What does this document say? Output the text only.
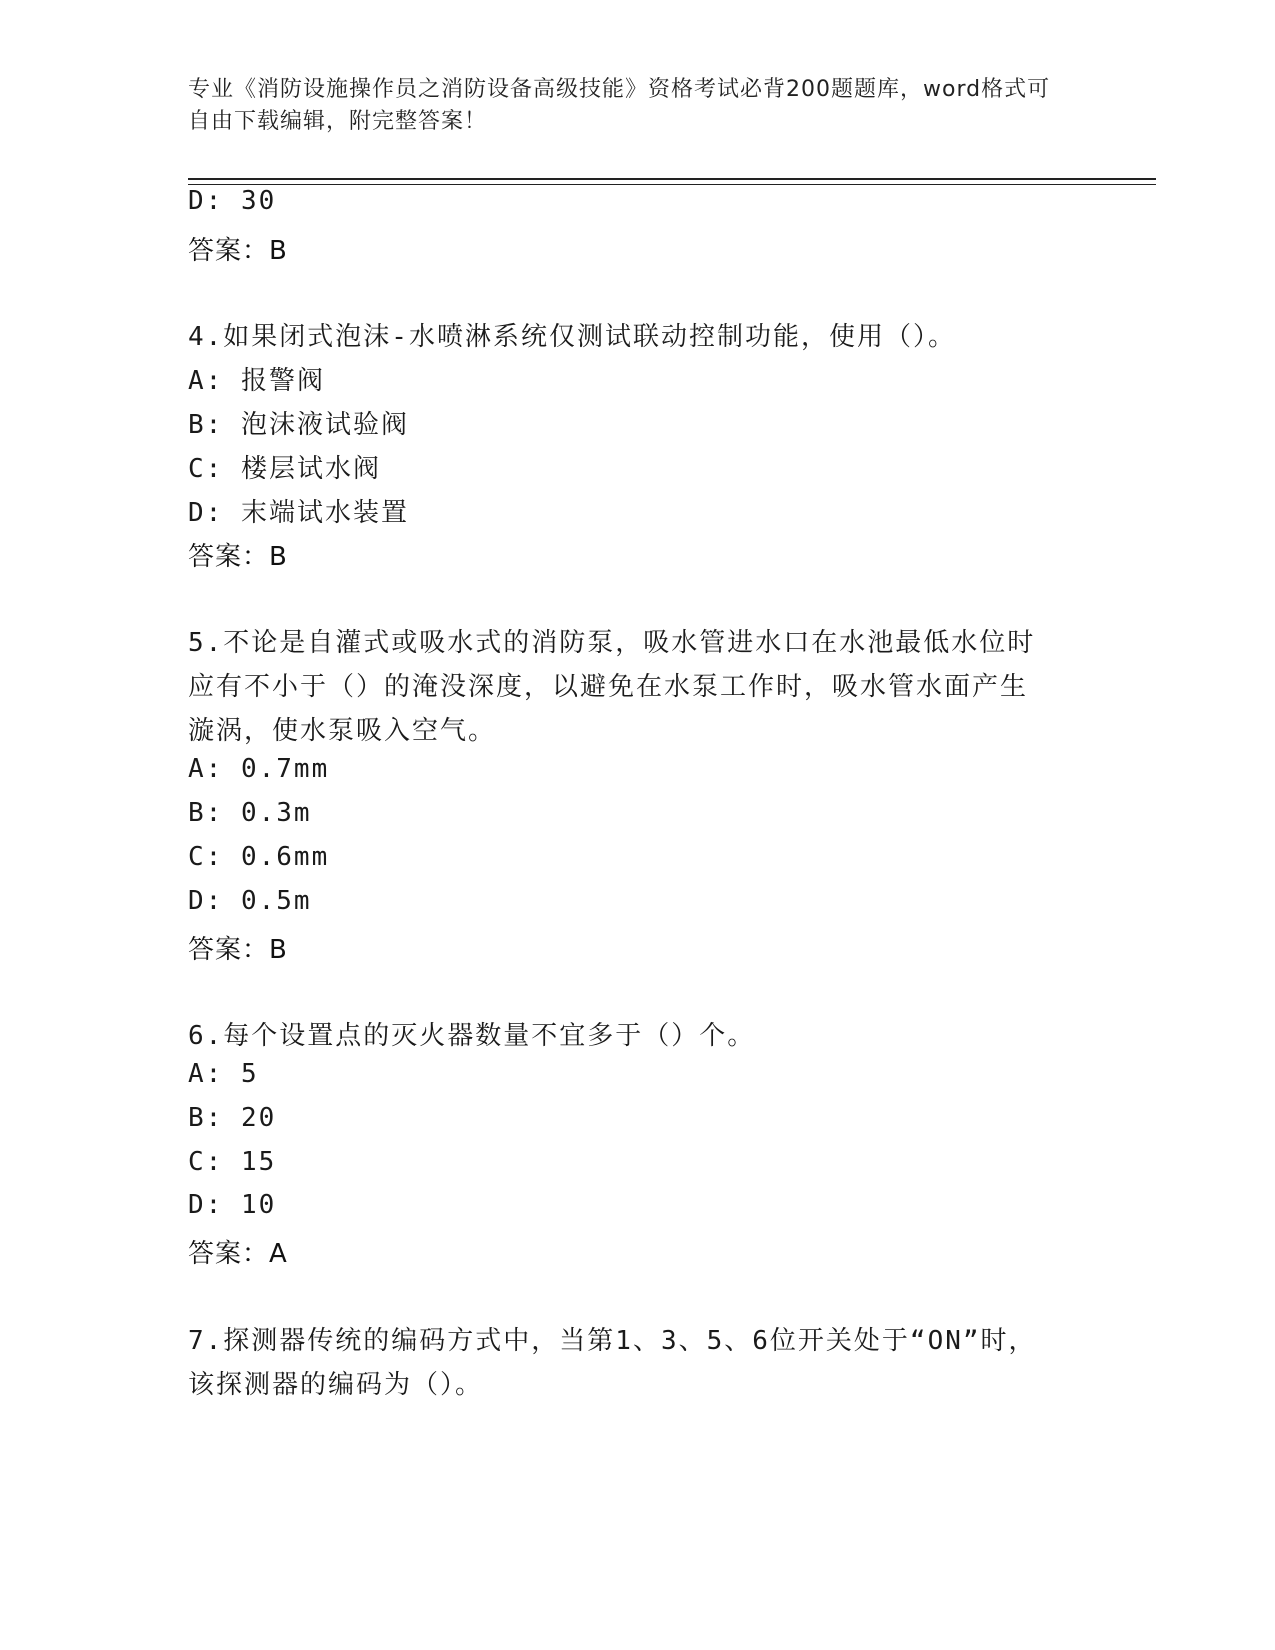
专业《消防设施操作员之消防设备高级技能》资格考试必背200题题库，word格式可自由下载编辑，附完整答案！
D: 30
答案：B
4.如果闭式泡沫-水喷淋系统仅测试联动控制功能，使用（）。
A: 报警阀
B: 泡沫液试验阀
C: 楼层试水阀
D: 末端试水装置
答案：B
5.不论是自灌式或吸水式的消防泵，吸水管进水口在水池最低水位时
应有不小于（）的淹没深度，以避免在水泵工作时，吸水管水面产生
漩涡，使水泵吸入空气。
A: 0.7mm
B: 0.3m
C: 0.6mm
D: 0.5m
答案：B
6.每个设置点的灭火器数量不宜多于（）个。
A: 5
B: 20
C: 15
D: 10
答案：A
7.探测器传统的编码方式中，当第1、3、5、6位开关处于“ON”时，
该探测器的编码为（）。
